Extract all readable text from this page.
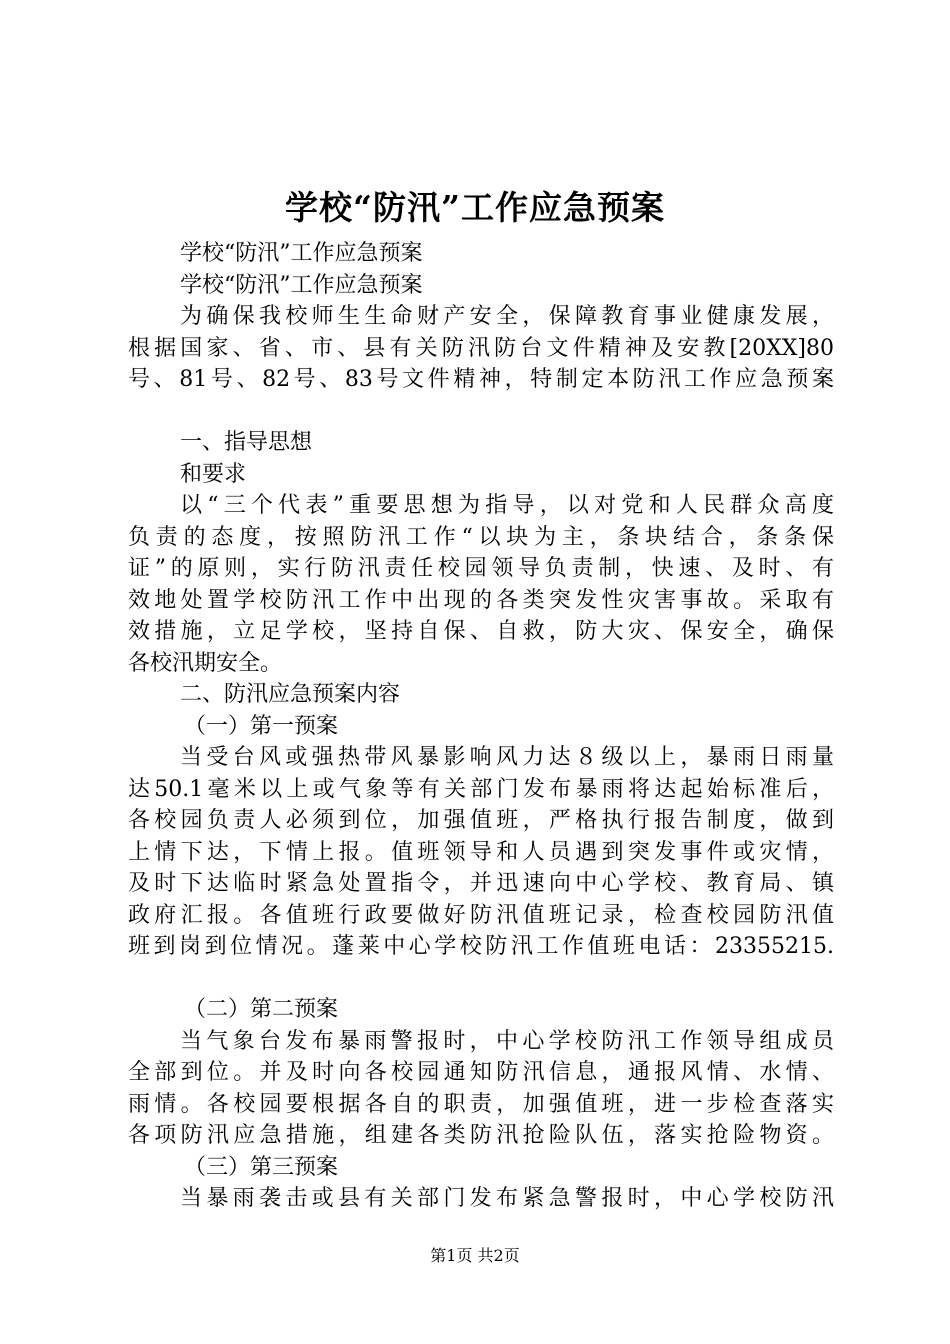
学校“防汛”工作应急预案
学校“防汛”工作应急预案
学校“防汛”工作应急预案
为确保我校师生生命财产安全，保障教育事业健康发展，
根据国家、省、市、县有关防汛防台文件精神及安教[20XX]80
号、81号、82号、83号文件精神，特制定本防汛工作应急预案
一、指导思想
和要求
以“三个代表”重要思想为指导，以对党和人民群众高度
负责的态度，按照防汛工作“以块为主，条块结合，条条保
证”的原则，实行防汛责任校园领导负责制，快速、及时、有
效地处置学校防汛工作中出现的各类突发性灾害事故。采取有
效措施，立足学校，坚持自保、自救，防大灾、保安全，确保
各校汛期安全。
二、防汛应急预案内容
（一）第一预案
当受台风或强热带风暴影响风力达８级以上，暴雨日雨量
达50.1毫米以上或气象等有关部门发布暴雨将达起始标准后，
各校园负责人必须到位，加强值班，严格执行报告制度，做到
上情下达，下情上报。值班领导和人员遇到突发事件或灾情，
及时下达临时紧急处置指令，并迅速向中心学校、教育局、镇
政府汇报。各值班行政要做好防汛值班记录，检查校园防汛值
班到岗到位情况。蓬莱中心学校防汛工作值班电话：23355215.
（二）第二预案
当气象台发布暴雨警报时，中心学校防汛工作领导组成员
全部到位。并及时向各校园通知防汛信息，通报风情、水情、
雨情。各校园要根据各自的职责，加强值班，进一步检查落实
各项防汛应急措施，组建各类防汛抢险队伍，落实抢险物资。
（三）第三预案
当暴雨袭击或县有关部门发布紧急警报时，中心学校防汛
第1页 共2页
